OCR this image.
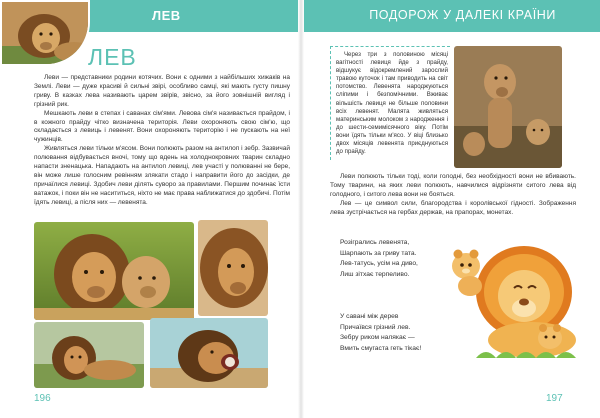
ЛЕВ	ПОДОРОЖ У ДАЛЕКІ КРАЇНИ
ЛЕВ

Леви — представники родини котячих. Вони є одними з найбільших хижаків на Землі. Леви — дуже красиві й сильні звірі, особливо самці, які мають густу пишну гриву. В казках лева називають царем звірів, звісно, за його зовнішній вигляд і грізний рик.

Мешкають леви в степах і саванах сім'ями. Левова сім'я називається прайдом, і в кожного прайду чітко визначена територія. Леви охороняють свою сім'ю, що складається з левиць і левенят. Вони охороняють територію і не пускають на неї чужинців.

Живляться леви тільки м'ясом. Вони полюють разом на антилоп і зебр. Зазвичай полювання відбувається вночі, тому що вдень на холоднокровних тварин складно напасти зненацька. Нападають на антилоп левиці, лев участі у полюванні не бере, він може лише голосним ревінням злякати стадо і направити його до засідки, де причаїлися левиці. Здобич леви ділять суворо за правилами. Першим починає їсти ватажок, і поки він не насититься, ніхто не має права наближатися до здобичі. Потім їдять левиці, а після них — левенята.

196

Через три з половиною місяці вагітності левиця йде з прайду, відшукує відокремлений зарослий травою куточок і там приводить на світ потомство. Левенята народжуються сліпими і безпомічними. Вживає вільшість левиця не більше половини всіх левенят. Малята живляться материнським молоком з народження і до шести-семимісячного віку. Потім вони їдять тільки м'ясо. У віці близько двох місяців левенята приєднуються до прайду.

Леви полюють тільки тоді, коли голодні, без необхідності вони не вбивають. Тому тварини, на яких леви полюють, навчилися відрізняти ситого лева від голодного, і ситого лева вони не бояться.

Лев — це символ сили, благородства і королівської гідності. Зображення лева зустрічається на гербах держав, на прапорах, монетах.

Розігрались левенята,
Шарпають за гриву тата.
Лев-татусь, усім на диво,
Лиш зітхає терпеливо.
У савані між дерев
Причаївся грізний лев.
Зебру риком налякає —
Вмить смугаста геть тікає!
197
